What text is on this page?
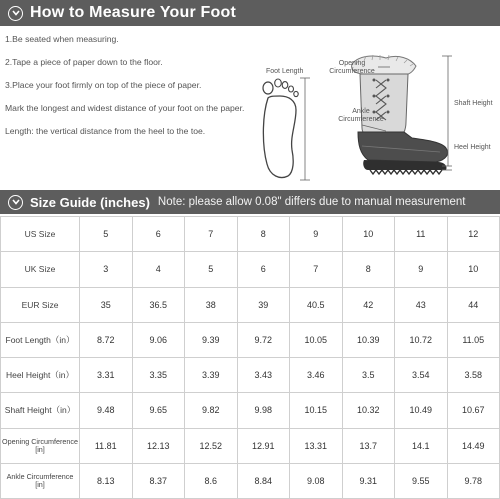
How to Measure Your Foot

1.Be seated when measuring.

2.Tape a piece of paper down to the floor.

3.Place your foot firmly on top of the piece of paper.

Mark the longest and widest distance of your foot on the paper.

Length: the vertical distance from the heel to the toe.

Foot Length
Opening Circumference
Ankle Circumference
Shaft Height
Heel Height
Size Guide (inches) Note: please allow 0.08" differs due to manual measurement
US Size	5	6	7	8	9	10	11	12
UK Size	3	4	5	6	7	8	9	10
EUR Size	35	36.5	38	39	40.5	42	43	44
Foot Length（in）	8.72	9.06	9.39	9.72	10.05	10.39	10.72	11.05
Heel Height（in）	3.31	3.35	3.39	3.43	3.46	3.5	3.54	3.58
Shaft Height（in）	9.48	9.65	9.82	9.98	10.15	10.32	10.49	10.67
Opening Circumference [in]	11.81	12.13	12.52	12.91	13.31	13.7	14.1	14.49
Ankle Circumference [in]	8.13	8.37	8.6	8.84	9.08	9.31	9.55	9.78
